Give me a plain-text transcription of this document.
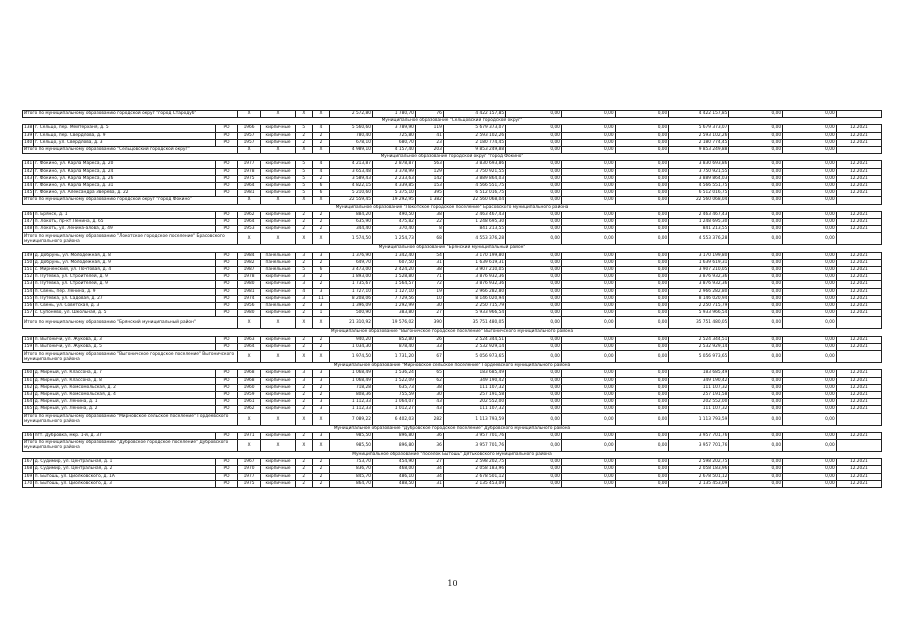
Итого по муниципальному образованию городской округ "город Стародуб"			X	X	X	X	2 572,80	1 780,70	76	4 422 157,85	0,00	0,00	0,00	4 422 157,85	0,00	0,00	
Муниципальное образование "Сельцовский городской округ"																	
138	г. Сельцо, пер. Мейтерханя, д. 5	PO	1966	кирпичные	5	4	5 560,60	3 789,90	119	5 679 373,07	0,00	0,00	0,00	5 679 373,07	0,00	0,00	12.2021
139	г. Сельцо, пер. Свердлова, д. 9	PO	1957	кирпичные	2	2	780,40	725,80	41	2 593 102,26	0,00	0,00	0,00	2 593 102,26	0,00	0,00	12.2021
140	г. Сельцо, ул. Свердлова, д. 3	PO	1957	кирпичные	2	2	678,10	680,70	23	2 180 774,45	0,00	0,00	0,00	2 180 774,45	0,00	0,00	12.2021
Итого по муниципальному образованию "Сельцовский городской округ"			X	X	X	X	4 989,10	4 157,40	203	9 853 249,88	0,00	0,00	0,00	9 853 249,88	0,00	0,00	
Муниципальное образование городской округ "город Фокино"																	
141	г. Фокино, ул. Карла Маркса, д. 20	PO	1977	кирпичные	5	4	4 213,87	2 878,87	563	3 830 693,86	0,00	0,00	0,00	3 830 693,86	0,00	0,00	12.2021
142	г. Фокино, ул. Карла Маркса, д. 24	PO	1978	кирпичные	5	4	3 653,48	3 378,99	129	3 750 921,55	0,00	0,00	0,00	3 750 921,55	0,00	0,00	12.2021
143	г. Фокино, ул. Карла Маркса, д. 26	PO	1975	кирпичные	5	2	3 589,43	2 233,63	142	3 889 864,03	0,00	0,00	0,00	3 889 864,03	0,00	0,00	12.2021
144	г. Фокино, ул. Карла Маркса, д. 31	PO	1964	кирпичные	5	6	4 822,15	4 339,85	153	4 566 551,75	0,00	0,00	0,00	4 566 551,75	0,00	0,00	12.2021
145	г. Фокино, ул. Александра Зверева, д. 22	PO	1981	кирпичные	5	6	5 210,60	5 375,10	395	6 512 016,75	0,00	0,00	0,00	6 512 016,75	0,00	0,00	12.2021
Итого по муниципальному образованию городской округ "город Фокино"			X	X	X	X	22 559,45	19 292,95	1 382	22 560 068,04	0,00	0,00	0,00	22 560 068,04	0,00	0,00	
Муниципальное образование "Локотское городское поселение" Брасовского муниципального района																	
146	п. Брянск, д. 1	PO	1962	кирпичные	2	2	884,20	490,50	38	2 463 467,43	0,00	0,00	0,00	2 463 467,43	0,00	0,00	12.2021
147	п. Локоть, пр-кт Ленина, д. 65	PO	1964	кирпичные	2	2	635,90	475,82	22	1 248 695,30	0,00	0,00	0,00	1 248 695,30	0,00	0,00	12.2021
148	п. Локоть, ул. Ленина-алова, д. 49	PO	1953	кирпичные	2	2	344,40	370,40	8	841 213,55	0,00	0,00	0,00	841 213,55	0,00	0,00	12.2021
Итого по муниципальному образованию "Локотское городское поселение" Брасовского муниципального района			X	X	X	X	1 574,50	1 254,73	68	4 553 376,28	0,00	0,00	0,00	4 553 376,28	0,00	0,00	
Муниципальное образование "Брянский муниципальный район"																	
149	д. Добрунь, ул. Молодежная, д. 8	PO	1984	панельные	3	3	1 376,90	1 342,40	54	3 170 199,80	0,00	0,00	0,00	3 170 199,80	0,00	0,00	12.2021
150	д. Добрунь, ул. Молодежная, д. 9	PO	1982	панельные	2	2	649,70	607,50	31	1 639 619,31	0,00	0,00	0,00	1 639 619,31	0,00	0,00	12.2021
151	с. Мирненский, ул. Почтовая, д. 4	PO	1987	панельные	5	6	3 473,00	2 424,20	38	3 907 210,05	0,00	0,00	0,00	3 907 210,05	0,00	0,00	12.2021
152	п. Путевка, ул. Строителей, д. 9	PO	1978	кирпичные	3	2	1 893,00	1 528,80	71	3 876 932,36	0,00	0,00	0,00	3 876 932,36	0,00	0,00	12.2021
153	п. Путевка, ул. Строителей, д. 9	PO	1980	кирпичные	3	2	1 735,67	1 564,57	72	3 876 932,36	0,00	0,00	0,00	3 876 932,36	0,00	0,00	12.2021
154	п. Свень, пер. Ленина, д. 9	PO	1981	кирпичные	4	3	1 727,10	1 127,10	19	2 966 282,80	0,00	0,00	0,00	2 966 282,80	0,00	0,00	12.2021
155	п. Путевка, ул. Садовая, д. 27	PO	1974	кирпичные	3	11	8 208,06	7 729,56	10	8 146 020,94	0,00	0,00	0,00	8 146 020,94	0,00	0,00	12.2021
156	п. Свень, ул. Советская, д. 3	PO	1956	панельные	2	3	1 396,09	1 292,99	30	2 250 715,79	0,00	0,00	0,00	2 250 715,79	0,00	0,00	12.2021
157	с. Супонево, ул. Школьная, д. 5	PO	1980	кирпичные	2	1	500,90	383,80	27	5 933 966,54	0,00	0,00	0,00	5 933 966,54	0,00	0,00	12.2021
Итого по муниципальному образованию "Брянский муниципальный район"			X	X	X	X	21 310,92	19 576,02	390	35 751 480,05	0,00	0,00	0,00	35 751 480,05	0,00	0,00	
Муниципальное образование "Выгоничское городское поселение" Выгоничского муниципального района																	
158	п. Выгоничи, ул. Жукова, д. 3	PO	1963	кирпичные	2	2	940,20	852,80	26	2 524 344,51	0,00	0,00	0,00	2 524 344,51	0,00	0,00	12.2021
159	п. Выгоничи, ул. Жукова, д. 5	PO	1964	кирпичные	2	2	1 034,30	878,40	33	2 532 929,14	0,00	0,00	0,00	2 532 929,14	0,00	0,00	12.2021
Итого по муниципальному образованию "Выгоничское городское поселение" Выгоничского муниципального района			X	X	X	X	1 974,50	1 731,20	67	5 056 973,65	0,00	0,00	0,00	5 056 973,65	0,00	0,00	
Муниципальное образование "Мирновское сельское поселение" Гордеевского муниципального района																	
160	д. Мирный, ул. Классона, д. 7	PO	1968	кирпичные	3	3	1 068,49	1 536,24	65	183 685,49	0,00	0,00	0,00	183 685,49	0,00	0,00	12.2021
161	д. Мирный, ул. Классона, д. 8	PO	1968	кирпичные	3	3	1 068,49	1 522,09	62	349 190,42	0,00	0,00	0,00	349 190,42	0,00	0,00	12.2021
162	д. Мирный, ул. Комсомольская, д. 2	PO	1960	кирпичные	2	2	718,28	635,73	38	111 107,32	0,00	0,00	0,00	111 107,32	0,00	0,00	12.2021
163	д. Мирный, ул. Комсомольская, д. 4	PO	1959	кирпичные	2	2	808,36	755,59	30	257 191,58	0,00	0,00	0,00	257 191,58	0,00	0,00	12.2021
164	д. Мирный, ул. Ленина, д. 1	PO	1961	кирпичные	2	3	1 112,33	1 064,07	43	202 552,00	0,00	0,00	0,00	202 552,00	0,00	0,00	12.2021
165	д. Мирный, ул. Ленина, д. 2	PO	1962	кирпичные	2	3	1 112,33	1 012,27	43	111 107,32	0,00	0,00	0,00	111 107,32	0,00	0,00	12.2021
Итого по муниципальному образованию "Мирновское сельское поселение" Гордеевского муниципального района			X	X	X	X	7 089,22	6 402,03	282	1 113 793,59	0,00	0,00	0,00	1 113 793,59	0,00	0,00	
Муниципальное образование "Дубровское городское поселение" Дубровского муниципального района																	
166	пгт. Дубровка, мкр. 1-й, д. 37	PO	1971	кирпичные	2	3	985,50	896,80	36	3 957 701,76	0,00	0,00	0,00	3 957 701,76	0,00	0,00	12.2021
Итого по муниципальному образованию "Дубровское городское поселение" Дубровского муниципального района			X	X	X	X	985,50	896,80	36	3 957 701,76	0,00	0,00	0,00	3 957 701,76	0,00	0,00	
Муниципальное образование "поселок Бытошь" Дятьковского муниципального района																	
167	д. Судимир, ул. Центральная, д. 1	PO	1967	кирпичные	2	2	753,70	454,90	27	2 598 202,75	0,00	0,00	0,00	2 598 202,75	0,00	0,00	12.2021
168	д. Судимир, ул. Центральная, д. 2	PO	1970	кирпичные	2	2	836,70	468,00	34	2 058 183,96	0,00	0,00	0,00	2 058 183,96	0,00	0,00	12.2021
169	п. Бытошь, ул. Циолковского, д. 1А	PO	1977	кирпичные	2	2	845,70	486,10	34	2 678 501,12	0,00	0,00	0,00	2 678 501,12	0,00	0,00	12.2021
170	п. Бытошь, ул. Циолковского, д. 3	PO	1975	кирпичные	2	2	864,70	488,50	31	2 135 453,09	0,00	0,00	0,00	2 135 453,09	0,00	0,00	12.2021
10
